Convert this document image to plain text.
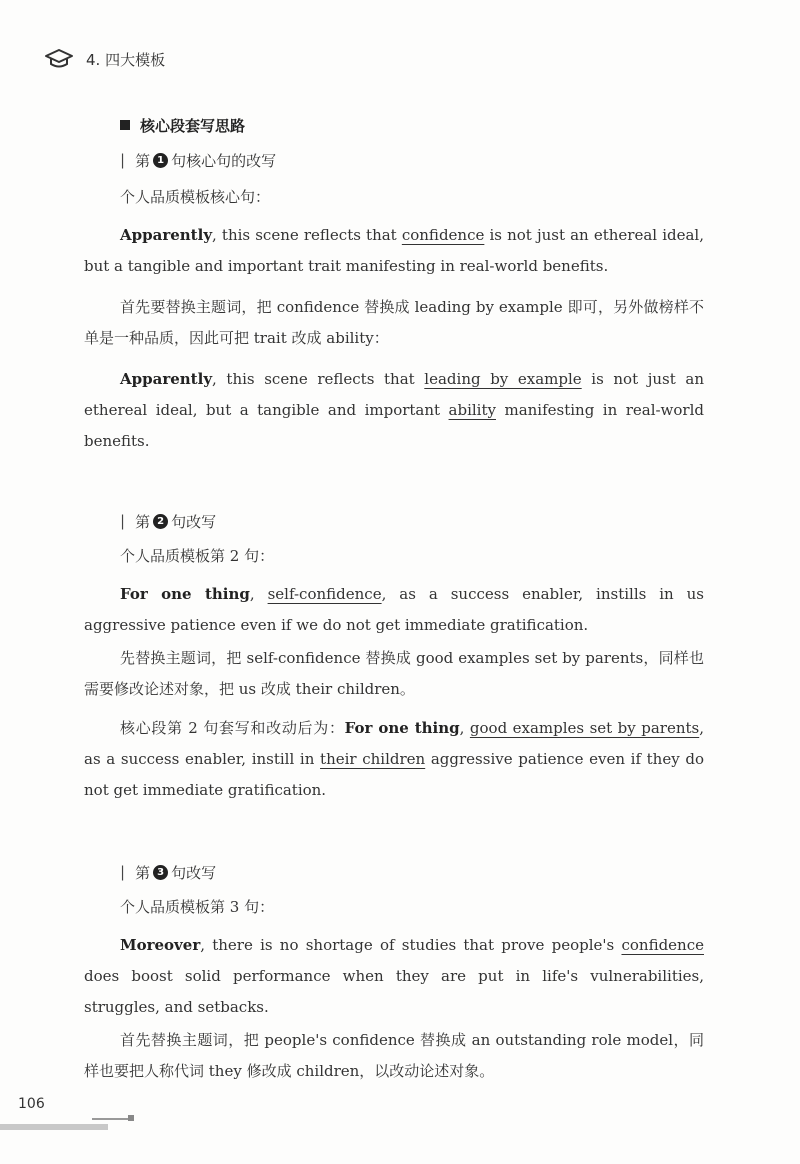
4. 四大模板
核心段套写思路
| 第 1 句核心句的改写
个人品质模板核心句：

Apparently, this scene reflects that confidence is not just an ethereal ideal, but a tangible and important trait manifesting in real-world benefits.

首先要替换主题词，把 confidence 替换成 leading by example 即可，另外做榜样不单是一种品质，因此可把 trait 改成 ability：

Apparently, this scene reflects that leading by example is not just an ethereal ideal, but a tangible and important ability manifesting in real-world benefits.

| 第 2 句改写
个人品质模板第 2 句：

For one thing, self-confidence, as a success enabler, instills in us aggressive patience even if we do not get immediate gratification.

先替换主题词，把 self-confidence 替换成 good examples set by parents，同样也需要修改论述对象，把 us 改成 their children。

核心段第 2 句套写和改动后为：For one thing, good examples set by parents, as a success enabler, instill in their children aggressive patience even if they do not get immediate gratification.

| 第 3 句改写
个人品质模板第 3 句：

Moreover, there is no shortage of studies that prove people's confidence does boost solid performance when they are put in life's vulnerabilities, struggles, and setbacks.

首先替换主题词，把 people's confidence 替换成 an outstanding role model，同样也要把人称代词 they 修改成 children，以改动论述对象。

106
